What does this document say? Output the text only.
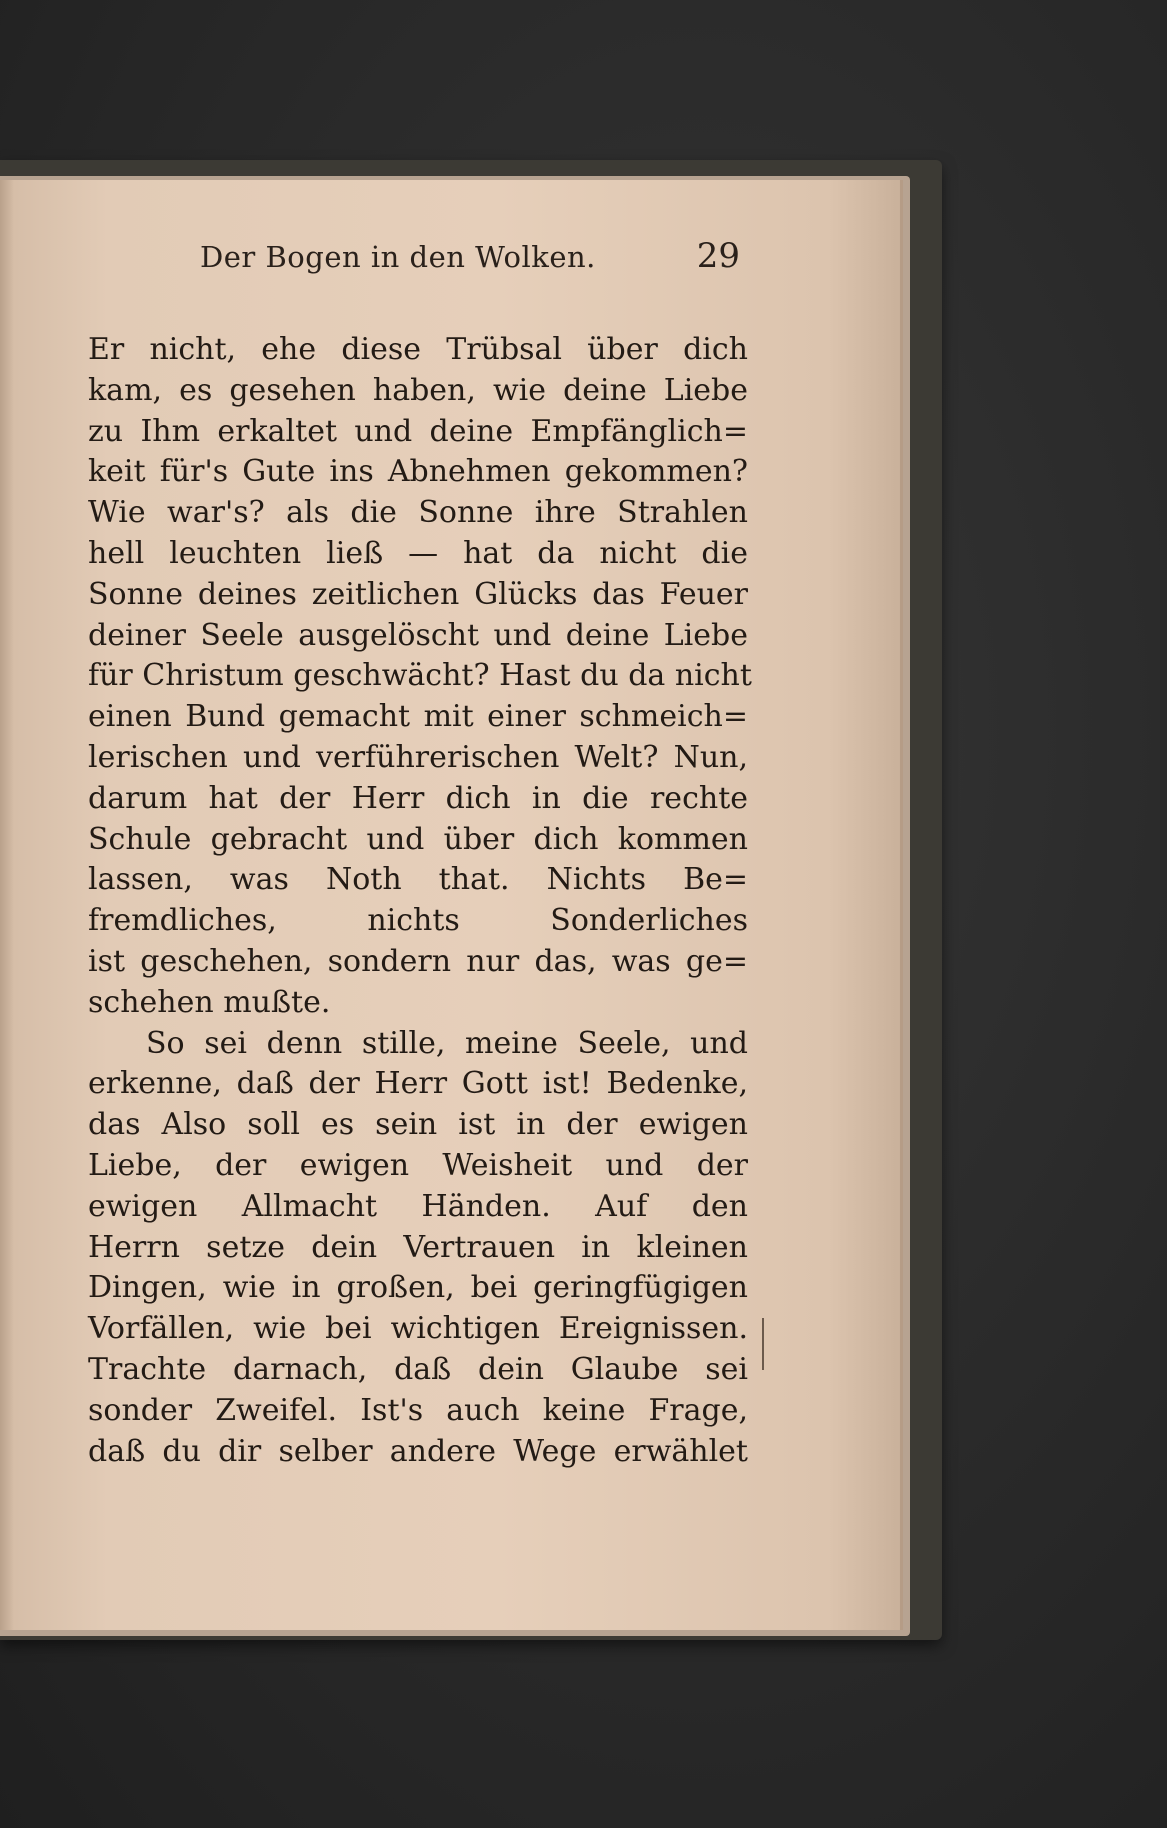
Der Bogen in den Wolken.	29
Er nicht, ehe diese Trübsal über dich
kam, es gesehen haben, wie deine Liebe
zu Ihm erkaltet und deine Empfänglich=
keit für's Gute ins Abnehmen gekommen?
Wie war's? als die Sonne ihre Strahlen
hell leuchten ließ — hat da nicht die
Sonne deines zeitlichen Glücks das Feuer
deiner Seele ausgelöscht und deine Liebe
für Christum geschwächt? Hast du da nicht
einen Bund gemacht mit einer schmeich=
lerischen und verführerischen Welt? Nun,
darum hat der Herr dich in die rechte
Schule gebracht und über dich kommen
lassen, was Noth that. Nichts Be=
fremdliches, nichts Sonderliches
ist geschehen, sondern nur das, was ge=
schehen mußte.
So sei denn stille, meine Seele, und
erkenne, daß der Herr Gott ist! Bedenke,
das Also soll es sein ist in der ewigen
Liebe, der ewigen Weisheit und der
ewigen Allmacht Händen. Auf den
Herrn setze dein Vertrauen in kleinen
Dingen, wie in großen, bei geringfügigen
Vorfällen, wie bei wichtigen Ereignissen.
Trachte darnach, daß dein Glaube sei
sonder Zweifel. Ist's auch keine Frage,
daß du dir selber andere Wege erwählet
